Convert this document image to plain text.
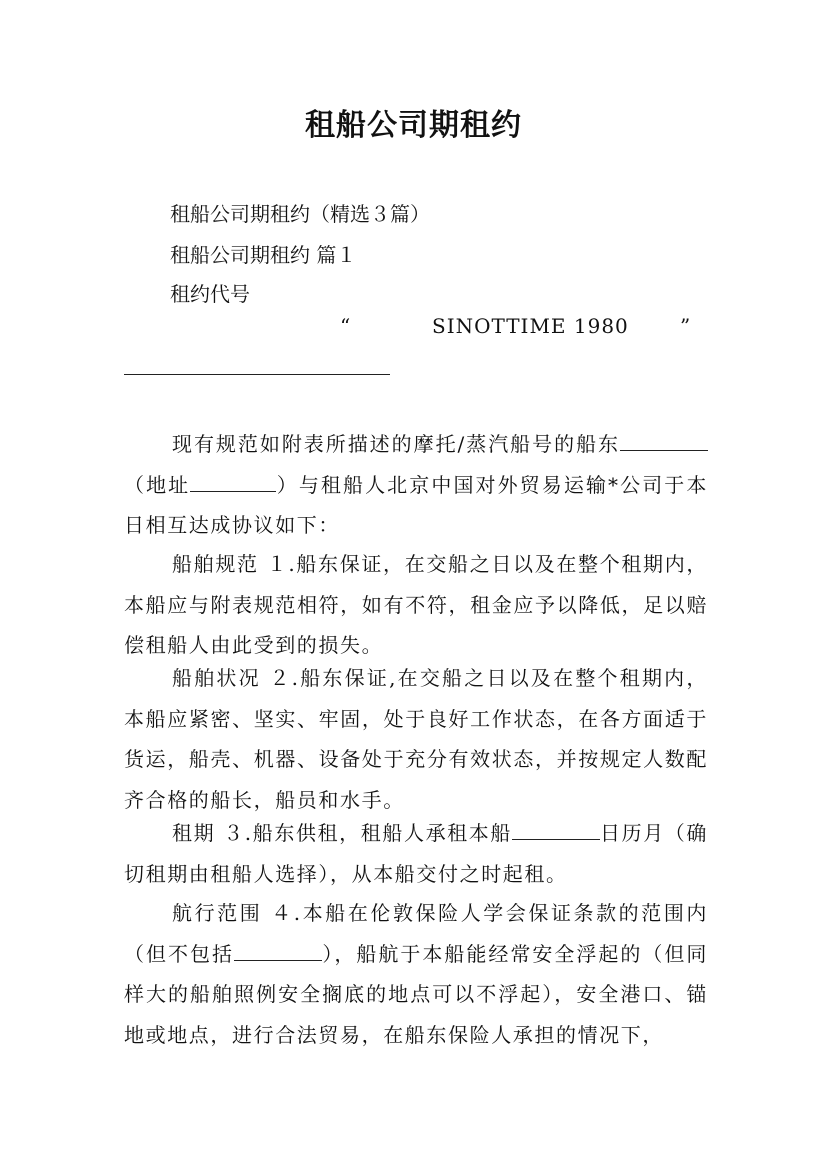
租船公司期租约
租船公司期租约（精选３篇）
租船公司期租约 篇１
租约代号
“	SINOTTIME 1980	”
现有规范如附表所描述的摩托/蒸汽船号的船东（地址	）与租船人北京中国对外贸易运输*公司于本日相互达成协议如下：
船舶规范 １.船东保证，在交船之日以及在整个租期内，本船应与附表规范相符，如有不符，租金应予以降低，足以赔偿租船人由此受到的损失。
船舶状况 ２.船东保证,在交船之日以及在整个租期内，本船应紧密、坚实、牢固，处于良好工作状态，在各方面适于货运，船壳、机器、设备处于充分有效状态，并按规定人数配齐合格的船长，船员和水手。
租期 ３.船东供租，租船人承租本船	日历月（确切租期由租船人选择），从本船交付之时起租。
航行范围 ４.本船在伦敦保险人学会保证条款的范围内（但不包括	），船航于本船能经常安全浮起的（但同样大的船舶照例安全搁底的地点可以不浮起），安全港口、锚地或地点，进行合法贸易，在船东保险人承担的情况下，
